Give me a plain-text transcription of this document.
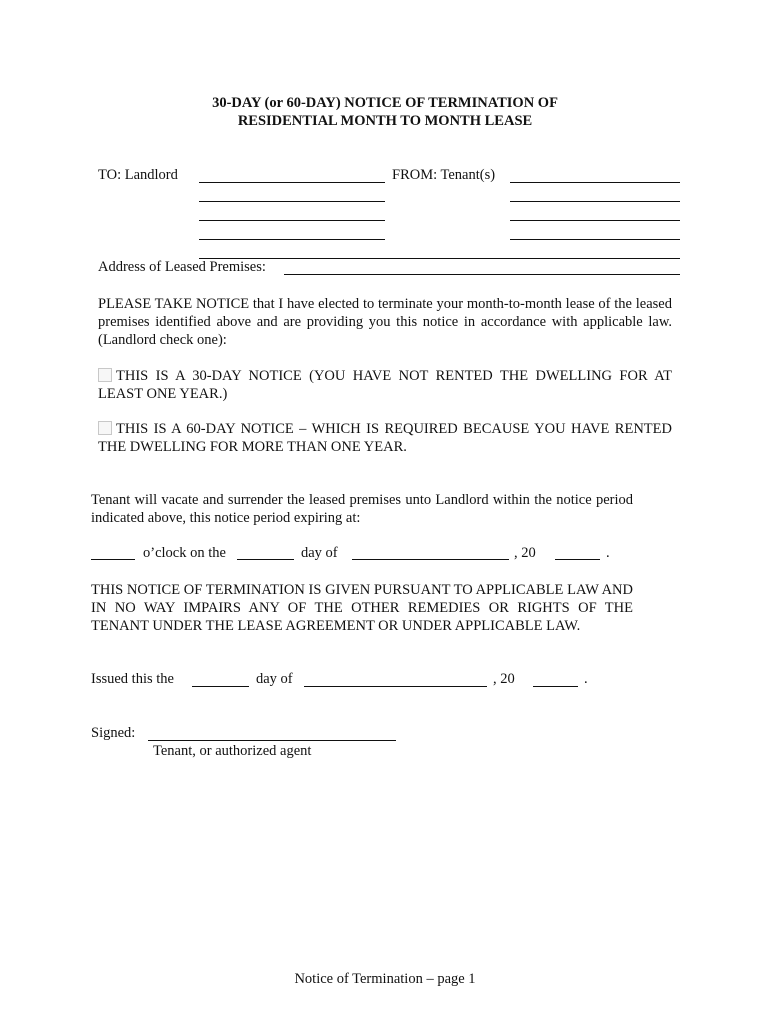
30-DAY (or 60-DAY) NOTICE OF TERMINATION OF
RESIDENTIAL MONTH TO MONTH LEASE
TO: Landlord	FROM: Tenant(s)
Address of Leased Premises:
PLEASE TAKE NOTICE that I have elected to terminate your month-to-month lease of the leased premises identified above and are providing you this notice in accordance with applicable law. (Landlord check one):
THIS IS A 30-DAY NOTICE (YOU HAVE NOT RENTED THE DWELLING FOR AT LEAST ONE YEAR.)
THIS IS A 60-DAY NOTICE – WHICH IS REQUIRED BECAUSE YOU HAVE RENTED THE DWELLING FOR MORE THAN ONE YEAR.
Tenant will vacate and surrender the leased premises unto Landlord within the notice period indicated above, this notice period expiring at:
o’clock on the	day of	, 20	.
THIS NOTICE OF TERMINATION IS GIVEN PURSUANT TO APPLICABLE LAW AND IN NO WAY IMPAIRS ANY OF THE OTHER REMEDIES OR RIGHTS OF THE TENANT UNDER THE LEASE AGREEMENT OR UNDER APPLICABLE LAW.
Issued this the	day of	, 20	.
Signed:
Tenant, or authorized agent
Notice of Termination – page 1
